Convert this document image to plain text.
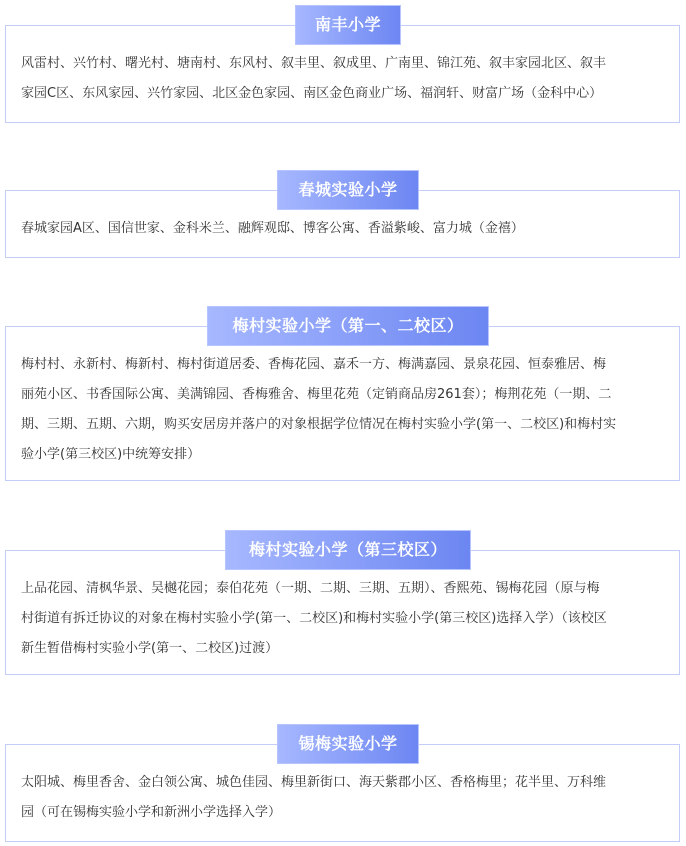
南丰小学
风雷村、兴竹村、曙光村、塘南村、东风村、叙丰里、叙成里、广南里、锦江苑、叙丰家园北区、叙丰
家园C区、东风家园、兴竹家园、北区金色家园、南区金色商业广场、福润轩、财富广场（金科中心）
春城实验小学
春城家园A区、国信世家、金科米兰、融辉观邸、博客公寓、香溢紫峻、富力城（金禧）
梅村实验小学（第一、二校区）
梅村村、永新村、梅新村、梅村街道居委、香梅花园、嘉禾一方、梅满嘉园、景泉花园、恒泰雅居、梅
丽苑小区、书香国际公寓、美满锦园、香梅雅舍、梅里花苑（定销商品房261套）；梅荆花苑（一期、二
期、三期、五期、六期，购买安居房并落户的对象根据学位情况在梅村实验小学(第一、二校区)和梅村实
验小学(第三校区)中统筹安排）
梅村实验小学（第三校区）
上品花园、清枫华景、吴樾花园；泰伯花苑（一期、二期、三期、五期）、香熙苑、锡梅花园（原与梅
村街道有拆迁协议的对象在梅村实验小学(第一、二校区)和梅村实验小学(第三校区)选择入学）（该校区
新生暂借梅村实验小学(第一、二校区)过渡）
锡梅实验小学
太阳城、梅里香舍、金白领公寓、城色佳园、梅里新街口、海天紫郡小区、香格梅里；花半里、万科维
园（可在锡梅实验小学和新洲小学选择入学）
